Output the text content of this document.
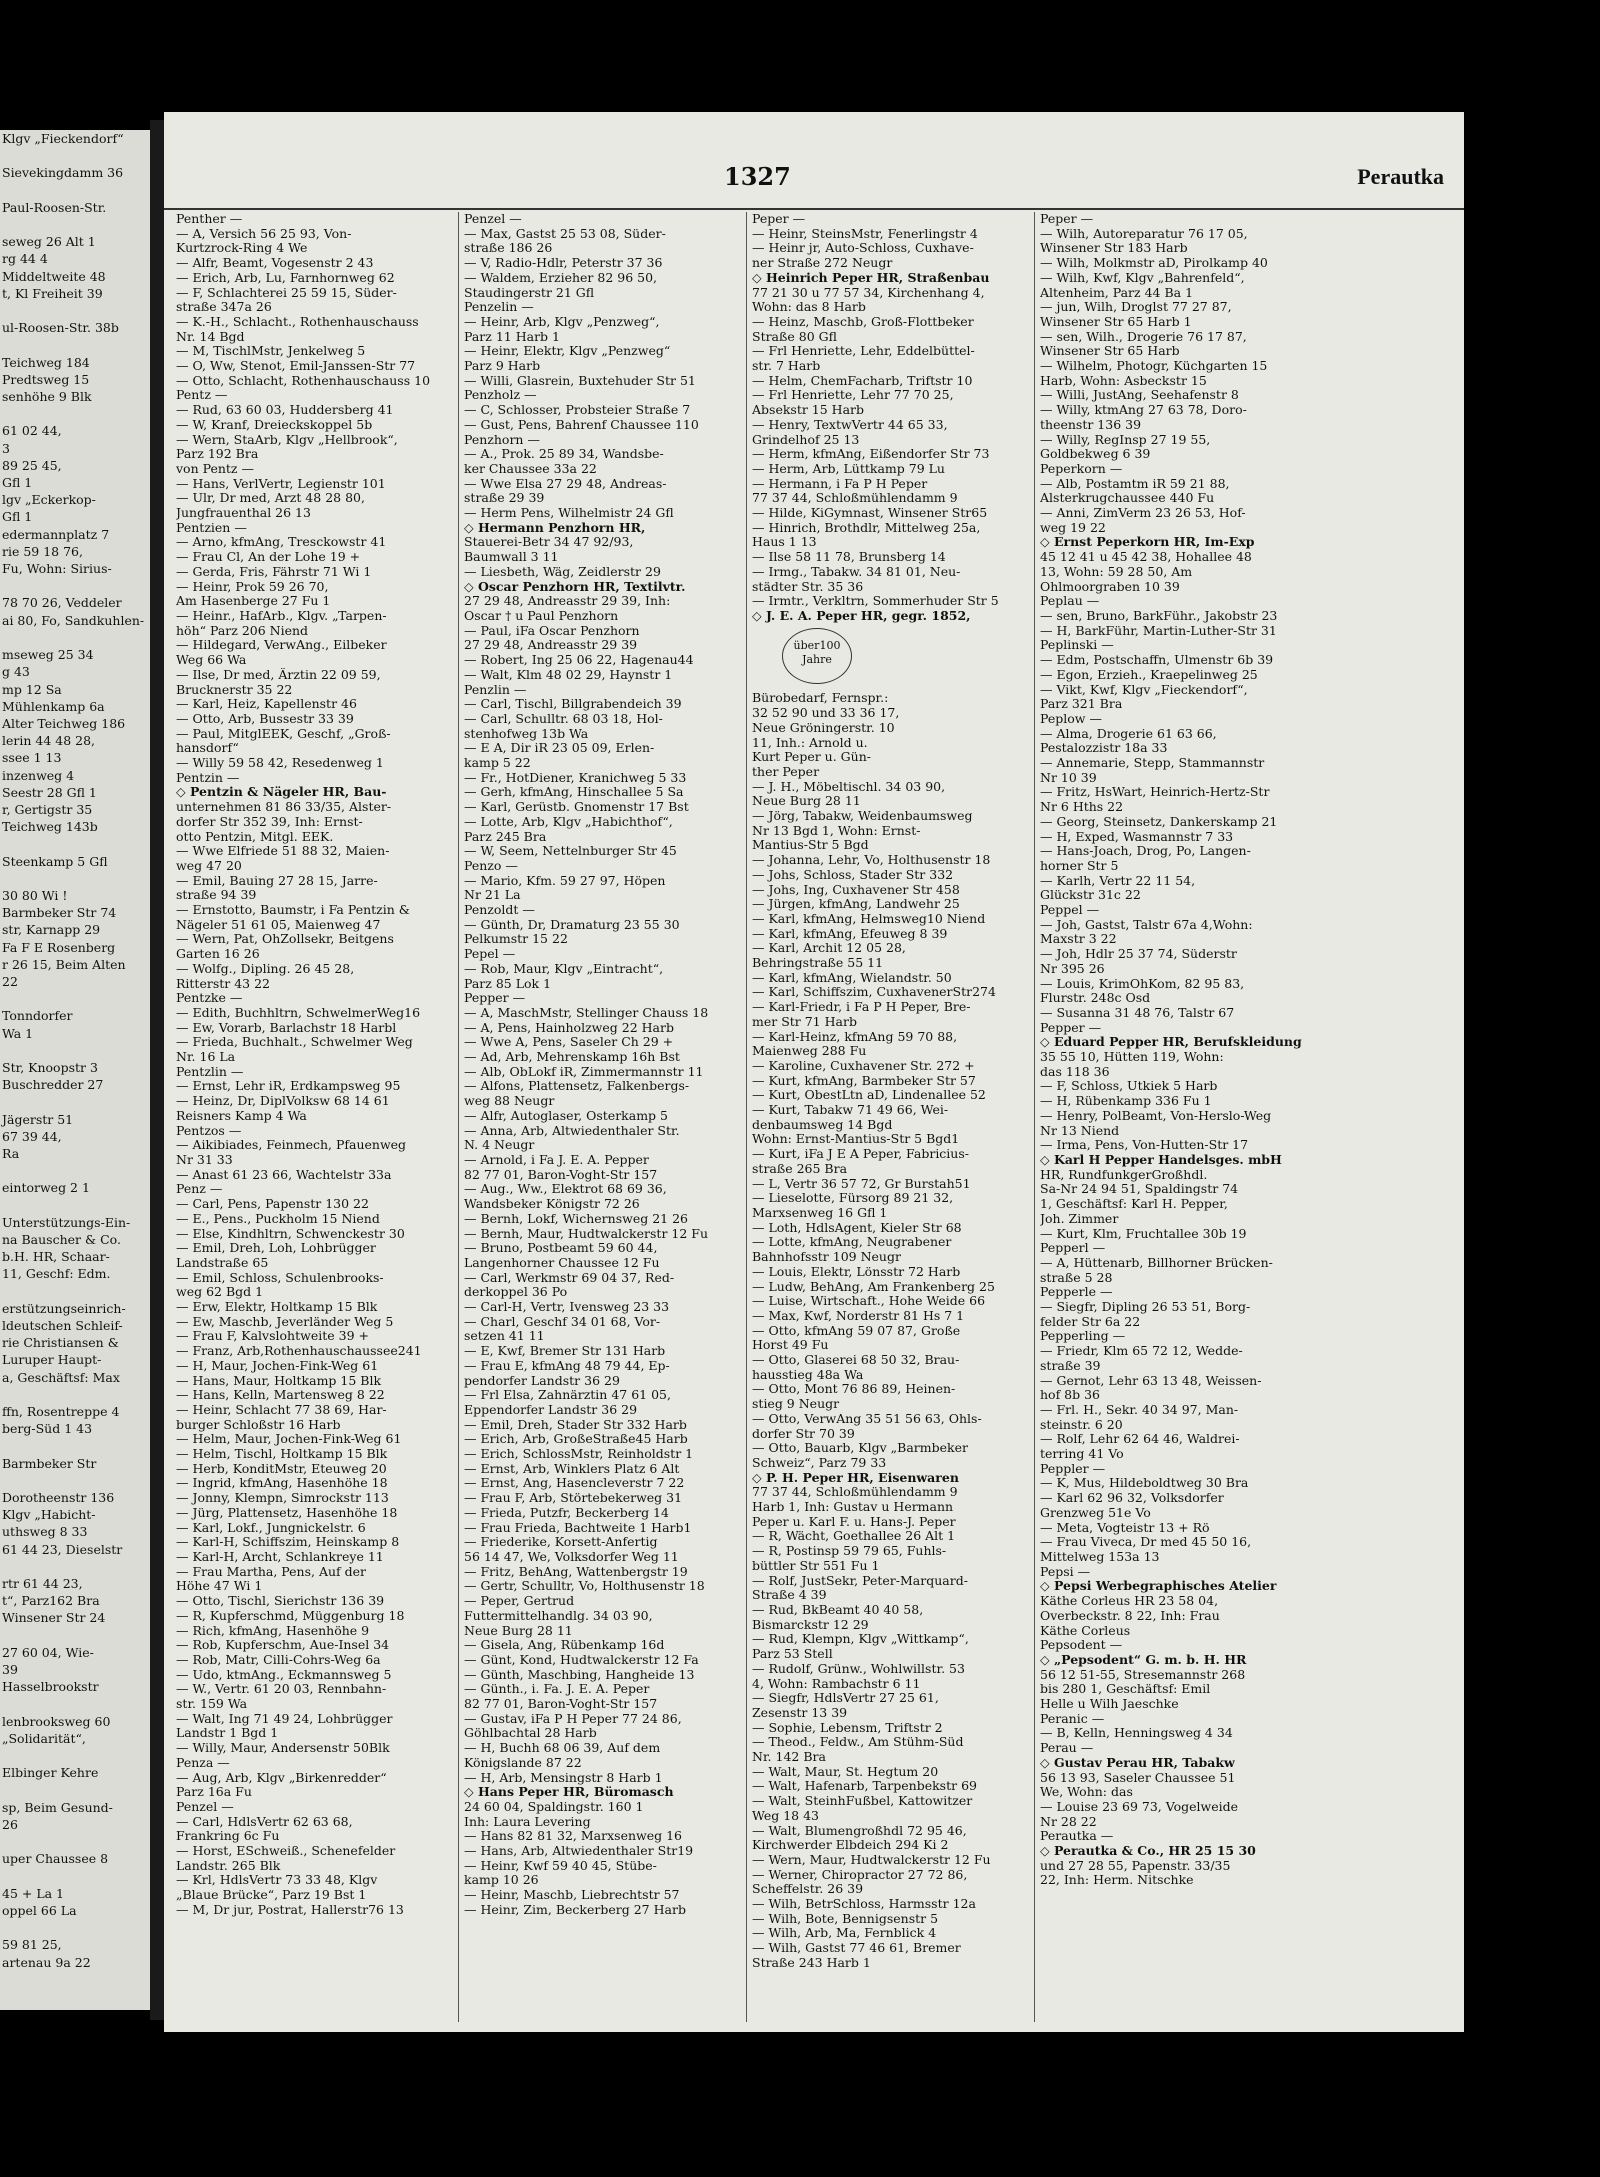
Klgv „Fieckendorf“

Sievekingdamm 36

Paul-Roosen-Str.

seweg 26 Alt 1
rg 44 4
Middeltweite 48
t, Kl Freiheit 39

ul-Roosen-Str. 38b

Teichweg 184
Predtsweg 15
senhöhe 9 Blk

61 02 44,
3
89 25 45,
Gfl 1
lgv „Eckerkop-
Gfl 1
edermannplatz 7
rie 59 18 76,
Fu, Wohn: Sirius-

78 70 26, Veddeler
ai 80, Fo, Sandkuhlen-

mseweg 25 34
g 43
mp 12 Sa
Mühlenkamp 6a
Alter Teichweg 186
lerin 44 48 28,
sseе 1 13
inzenweg 4
Seestr 28 Gfl 1
r, Gertigstr 35
Teichweg 143b

Steenkamp 5 Gfl

30 80 Wi !
Barmbeker Str 74
str, Karnapp 29
Fa F E Rosenberg
r 26 15, Beim Alten
22

Tonndorfer
Wa 1

Str, Knoopstr 3
Buschredder 27

Jägerstr 51
67 39 44,
Ra

eintorweg 2 1

Unterstützungs-Ein-
na Bauscher & Co.
b.H. HR, Schaar-
11, Geschf: Edm.

erstützungseinrich-
ldeutschen Schleif-
rie Christiansen &
Luruper Haupt-
a, Geschäftsf: Max

ffn, Rosentreppe 4
berg-Süd 1 43

Barmbeker Str

Dorotheenstr 136
Klgv „Habicht-
uthsweg 8 33
61 44 23, Dieselstr

rtr 61 44 23,
t“, Parz162 Bra
Winsener Str 24

27 60 04, Wie-
39
Hasselbrookstr

lenbrooksweg 60
„Solidarität“,

Elbinger Kehre

sp, Beim Gesund-
26

uper Chaussee 8

45 + La 1
oppel 66 La

59 81 25,
artenau 9a 22
1327	Perautka
Penther —
— A, Versich 56 25 93, Von-
Kurtzrock-Ring 4 We
— Alfr, Beamt, Vogesenstr 2 43
— Erich, Arb, Lu, Farnhornweg 62
— F, Schlachterei 25 59 15, Süder-
straße 347a 26
— K.-H., Schlacht., Rothenhauschauss
Nr. 14 Bgd
— M, TischlMstr, Jenkelweg 5
— O, Ww, Stenot, Emil-Janssen-Str 77
— Otto, Schlacht, Rothenhauschauss 10
Pentz —
— Rud, 63 60 03, Huddersberg 41
— W, Kranf, Dreieckskoppel 5b
— Wern, StaArb, Klgv „Hellbrook“,
Parz 192 Bra
von Pentz —
— Hans, VerlVertr, Legienstr 101
— Ulr, Dr med, Arzt 48 28 80,
Jungfrauenthal 26 13
Pentzien —
— Arno, kfmAng, Tresckowstr 41
— Frau Cl, An der Lohe 19 +
— Gerda, Fris, Fährstr 71 Wi 1
— Heinr, Prok 59 26 70,
Am Hasenberge 27 Fu 1
— Heinr., HafArb., Klgv. „Tarpen-
höh“ Parz 206 Niend
— Hildegard, VerwAng., Eilbeker
Weg 66 Wa
— Ilse, Dr med, Ärztin 22 09 59,
Brucknerstr 35 22
— Karl, Heiz, Kapellenstr 46
— Otto, Arb, Bussestr 33 39
— Paul, MitglEEK, Geschf, „Groß-
hansdorf“
— Willy 59 58 42, Resedenweg 1
Pentzin —
◇ Pentzin & Nägeler HR, Bau-
unternehmen 81 86 33/35, Alster-
dorfer Str 352 39, Inh: Ernst-
otto Pentzin, Mitgl. EEK.
— Wwe Elfriede 51 88 32, Maien-
weg 47 20
— Emil, Bauing 27 28 15, Jarre-
straße 94 39
— Ernstotto, Baumstr, i Fa Pentzin &
Nägeler 51 61 05, Maienweg 47
— Wern, Pat, OhZollsekr, Beitgens
Garten 16 26
— Wolfg., Dipling. 26 45 28,
Ritterstr 43 22
Pentzke —
— Edith, Buchhltrn, SchwelmerWeg16
— Ew, Vorarb, Barlachstr 18 Harbl
— Frieda, Buchhalt., Schwelmer Weg
Nr. 16 La
Pentzlin —
— Ernst, Lehr iR, Erdkampsweg 95
— Heinz, Dr, DiplVolksw 68 14 61
Reisners Kamp 4 Wa
Pentzos —
— Aikibiades, Feinmech, Pfauenweg
Nr 31 33
— Anast 61 23 66, Wachtelstr 33a
Penz —
— Carl, Pens, Papenstr 130 22
— E., Pens., Puckholm 15 Niend
— Else, Kindhltrn, Schwenckestr 30
— Emil, Dreh, Loh, Lohbrügger
Landstraße 65
— Emil, Schloss, Schulenbrooks-
weg 62 Bgd 1
— Erw, Elektr, Holtkamp 15 Blk
— Ew, Maschb, Jeverländer Weg 5
— Frau F, Kalvslohtweite 39 +
— Franz, Arb,Rothenhauschaussee241
— H, Maur, Jochen-Fink-Weg 61
— Hans, Maur, Holtkamp 15 Blk
— Hans, Kelln, Martensweg 8 22
— Heinr, Schlacht 77 38 69, Har-
burger Schloßstr 16 Harb
— Helm, Maur, Jochen-Fink-Weg 61
— Helm, Tischl, Holtkamp 15 Blk
— Herb, KonditMstr, Eteuweg 20
— Ingrid, kfmAng, Hasenhöhe 18
— Jonny, Klempn, Simrockstr 113
— Jürg, Plattensetz, Hasenhöhe 18
— Karl, Lokf., Jungnickelstr. 6
— Karl-H, Schiffszim, Heinskamp 8
— Karl-H, Archt, Schlankreye 11
— Frau Martha, Pens, Auf der
Höhe 47 Wi 1
— Otto, Tischl, Sierichstr 136 39
— R, Kupferschmd, Müggenburg 18
— Rich, kfmAng, Hasenhöhe 9
— Rob, Kupferschm, Aue-Insel 34
— Rob, Matr, Cilli-Cohrs-Weg 6a
— Udo, ktmAng., Eckmannsweg 5
— W., Vertr. 61 20 03, Rennbahn-
str. 159 Wa
— Walt, Ing 71 49 24, Lohbrügger
Landstr 1 Bgd 1
— Willy, Maur, Andersenstr 50Blk
Penza —
— Aug, Arb, Klgv „Birkenredder“
Parz 16a Fu
Penzel —
— Carl, HdlsVertr 62 63 68,
Frankring 6c Fu
— Horst, ESchweiß., Schenefelder
Landstr. 265 Blk
— Krl, HdlsVertr 73 33 48, Klgv
„Blaue Brücke“, Parz 19 Bst 1
— M, Dr jur, Postrat, Hallerstr76 13
Penzel —
— Max, Gastst 25 53 08, Süder-
straße 186 26
— V, Radio-Hdlr, Peterstr 37 36
— Waldem, Erzieher 82 96 50,
Staudingerstr 21 Gfl
Penzelin —
— Heinr, Arb, Klgv „Penzweg“,
Parz 11 Harb 1
— Heinr, Elektr, Klgv „Penzweg“
Parz 9 Harb
— Willi, Glasrein, Buxtehuder Str 51
Penzholz —
— C, Schlosser, Probsteier Straße 7
— Gust, Pens, Bahrenf Chaussee 110
Penzhorn —
— A., Prok. 25 89 34, Wandsbe-
ker Chaussee 33a 22
— Wwe Elsa 27 29 48, Andreas-
straße 29 39
— Herm Pens, Wilhelmistr 24 Gfl
◇ Hermann Penzhorn HR,
Stauerei-Betr 34 47 92/93,
Baumwall 3 11
— Liesbeth, Wäg, Zeidlerstr 29
◇ Oscar Penzhorn HR, Textilvtr.
27 29 48, Andreasstr 29 39, Inh:
Oscar † u Paul Penzhorn
— Paul, iFa Oscar Penzhorn
27 29 48, Andreasstr 29 39
— Robert, Ing 25 06 22, Hagenau44
— Walt, Klm 48 02 29, Haynstr 1
Penzlin —
— Carl, Tischl, Billgrabendeich 39
— Carl, Schulltr. 68 03 18, Hol-
stenhofweg 13b Wa
— E A, Dir iR 23 05 09, Erlen-
kamp 5 22
— Fr., HotDiener, Kranichweg 5 33
— Gerh, kfmAng, Hinschallee 5 Sa
— Karl, Gerüstb. Gnomenstr 17 Bst
— Lotte, Arb, Klgv „Habichthof“,
Parz 245 Bra
— W, Seem, Nettelnburger Str 45
Penzo —
— Mario, Kfm. 59 27 97, Höpen
Nr 21 La
Penzoldt —
— Günth, Dr, Dramaturg 23 55 30
Pelkumstr 15 22
Pepel —
— Rob, Maur, Klgv „Eintracht“,
Parz 85 Lok 1
Pepper —
— A, MaschMstr, Stellinger Chauss 18
— A, Pens, Hainholzweg 22 Harb
— Wwe A, Pens, Saseler Ch 29 +
— Ad, Arb, Mehrenskamp 16h Bst
— Alb, ObLokf iR, Zimmermannstr 11
— Alfons, Plattensetz, Falkenbergs-
weg 88 Neugr
— Alfr, Autoglaser, Osterkamp 5
— Anna, Arb, Altwiedenthaler Str.
N. 4 Neugr
— Arnold, i Fa J. E. A. Pepper
82 77 01, Baron-Voght-Str 157
— Aug., Ww., Elektrot 68 69 36,
Wandsbeker Königstr 72 26
— Bernh, Lokf, Wichernsweg 21 26
— Bernh, Maur, Hudtwalckerstr 12 Fu
— Bruno, Postbeamt 59 60 44,
Langenhorner Chaussee 12 Fu
— Carl, Werkmstr 69 04 37, Red-
derkoppel 36 Po
— Carl-H, Vertr, Ivensweg 23 33
— Charl, Geschf 34 01 68, Vor-
setzen 41 11
— E, Kwf, Bremer Str 131 Harb
— Frau E, kfmAng 48 79 44, Ep-
pendorfer Landstr 36 29
— Frl Elsa, Zahnärztin 47 61 05,
Eppendorfer Landstr 36 29
— Emil, Dreh, Stader Str 332 Harb
— Erich, Arb, GroßeStraße45 Harb
— Erich, SchlossMstr, Reinholdstr 1
— Ernst, Arb, Winklers Platz 6 Alt
— Ernst, Ang, Hasencleverstr 7 22
— Frau F, Arb, Störtebekerweg 31
— Frieda, Putzfr, Beckerberg 14
— Frau Frieda, Bachtweite 1 Harb1
— Friederike, Korsett-Anfertig
56 14 47, We, Volksdorfer Weg 11
— Fritz, BehAng, Wattenbergstr 19
— Gertr, Schulltr, Vo, Holthusenstr 18
— Peper, Gertrud
Futtermittelhandlg. 34 03 90,
Neue Burg 28 11
— Gisela, Ang, Rübenkamp 16d
— Günt, Kond, Hudtwalckerstr 12 Fa
— Günth, Maschbing, Hangheide 13
— Günth., i. Fa. J. E. A. Peper
82 77 01, Baron-Voght-Str 157
— Gustav, iFa P H Peper 77 24 86,
Göhlbachtal 28 Harb
— H, Buchh 68 06 39, Auf dem
Königslande 87 22
— H, Arb, Mensingstr 8 Harb 1
◇ Hans Peper HR, Büromasch
24 60 04, Spaldingstr. 160 1
Inh: Laura Levering
— Hans 82 81 32, Marxsenweg 16
— Hans, Arb, Altwiedenthaler Str19
— Heinr, Kwf 59 40 45, Stübe-
kamp 10 26
— Heinr, Maschb, Liebrechtstr 57
— Heinr, Zim, Beckerberg 27 Harb
Peper —
— Heinr, SteinsMstr, Fenerlingstr 4
— Heinr jr, Auto-Schloss, Cuxhave-
ner Straße 272 Neugr
◇ Heinrich Peper HR, Straßenbau
77 21 30 u 77 57 34, Kirchenhang 4,
Wohn: das 8 Harb
— Heinz, Maschb, Groß-Flottbeker
Straße 80 Gfl
— Frl Henriette, Lehr, Eddelbüttel-
str. 7 Harb
— Helm, ChemFacharb, Triftstr 10
— Frl Henriette, Lehr 77 70 25,
Absekstr 15 Harb
— Henry, TextwVertr 44 65 33,
Grindelhof 25 13
— Herm, kfmAng, Eißendorfer Str 73
— Herm, Arb, Lüttkamp 79 Lu
— Hermann, i Fa P H Peper
77 37 44, Schloßmühlendamm 9
— Hilde, KiGymnast, Winsener Str65
— Hinrich, Brothdlr, Mittelweg 25a,
Haus 1 13
— Ilse 58 11 78, Brunsberg 14
— Irmg., Tabakw. 34 81 01, Neu-
städter Str. 35 36
— Irmtr., Verkltrn, Sommerhuder Str 5
◇ J. E. A. Peper HR, gegr. 1852,
über100
Jahre
Bürobedarf, Fernspr.:
32 52 90 und 33 36 17,
Neue Gröningerstr. 10
11, Inh.: Arnold u.
Kurt Peper u. Gün-
ther Peper
— J. H., Möbeltischl. 34 03 90,
Neue Burg 28 11
— Jörg, Tabakw, Weidenbaumsweg
Nr 13 Bgd 1, Wohn: Ernst-
Mantius-Str 5 Bgd
— Johanna, Lehr, Vo, Holthusenstr 18
— Johs, Schloss, Stader Str 332
— Johs, Ing, Cuxhavener Str 458
— Jürgen, kfmAng, Landwehr 25
— Karl, kfmAng, Helmsweg10 Niend
— Karl, kfmAng, Efeuweg 8 39
— Karl, Archit 12 05 28,
Behringstraße 55 11
— Karl, kfmAng, Wielandstr. 50
— Karl, Schiffszim, CuxhavenerStr274
— Karl-Friedr, i Fa P H Peper, Bre-
mer Str 71 Harb
— Karl-Heinz, kfmAng 59 70 88,
Maienweg 288 Fu
— Karoline, Cuxhavener Str. 272 +
— Kurt, kfmAng, Barmbeker Str 57
— Kurt, ObestLtn aD, Lindenallee 52
— Kurt, Tabakw 71 49 66, Wei-
denbaumsweg 14 Bgd
Wohn: Ernst-Mantius-Str 5 Bgd1
— Kurt, iFa J E A Peper, Fabricius-
straße 265 Bra
— L, Vertr 36 57 72, Gr Burstah51
— Lieselotte, Fürsorg 89 21 32,
Marxsenweg 16 Gfl 1
— Loth, HdlsAgent, Kieler Str 68
— Lotte, kfmAng, Neugrabener
Bahnhofsstr 109 Neugr
— Louis, Elektr, Lönsstr 72 Harb
— Ludw, BehAng, Am Frankenberg 25
— Luise, Wirtschaft., Hohe Weide 66
— Max, Kwf, Norderstr 81 Hs 7 1
— Otto, kfmAng 59 07 87, Große
Horst 49 Fu
— Otto, Glaserei 68 50 32, Brau-
hausstieg 48a Wa
— Otto, Mont 76 86 89, Heinen-
stieg 9 Neugr
— Otto, VerwAng 35 51 56 63, Ohls-
dorfer Str 70 39
— Otto, Bauarb, Klgv „Barmbeker
Schweiz“, Parz 79 33
◇ P. H. Peper HR, Eisenwaren
77 37 44, Schloßmühlendamm 9
Harb 1, Inh: Gustav u Hermann
Peper u. Karl F. u. Hans-J. Peper
— R, Wächt, Goethallee 26 Alt 1
— R, Postinsp 59 79 65, Fuhls-
büttler Str 551 Fu 1
— Rolf, JustSekr, Peter-Marquard-
Straße 4 39
— Rud, BkBeamt 40 40 58,
Bismarckstr 12 29
— Rud, Klempn, Klgv „Wittkamp“,
Parz 53 Stell
— Rudolf, Grünw., Wohlwillstr. 53
4, Wohn: Rambachstr 6 11
— Siegfr, HdlsVertr 27 25 61,
Zesenstr 13 39
— Sophie, Lebensm, Triftstr 2
— Theod., Feldw., Am Stühm-Süd
Nr. 142 Bra
— Walt, Maur, St. Hegtum 20
— Walt, Hafenarb, Tarpenbekstr 69
— Walt, SteinhFußbel, Kattowitzer
Weg 18 43
— Walt, Blumengroßhdl 72 95 46,
Kirchwerder Elbdeich 294 Ki 2
— Wern, Maur, Hudtwalckerstr 12 Fu
— Werner, Chiropractor 27 72 86,
Scheffelstr. 26 39
— Wilh, BetrSchloss, Harmsstr 12a
— Wilh, Bote, Bennigsenstr 5
— Wilh, Arb, Ma, Fernblick 4
— Wilh, Gastst 77 46 61, Bremer
Straße 243 Harb 1
Peper —
— Wilh, Autoreparatur 76 17 05,
Winsener Str 183 Harb
— Wilh, Molkmstr aD, Pirolkamp 40
— Wilh, Kwf, Klgv „Bahrenfeld“,
Altenheim, Parz 44 Ba 1
— jun, Wilh, Droglst 77 27 87,
Winsener Str 65 Harb 1
— sen, Wilh., Drogerie 76 17 87,
Winsener Str 65 Harb
— Wilhelm, Photogr, Küchgarten 15
Harb, Wohn: Asbeckstr 15
— Willi, JustAng, Seehafenstr 8
— Willy, ktmAng 27 63 78, Doro-
theenstr 136 39
— Willy, RegInsp 27 19 55,
Goldbekweg 6 39
Peperkorn —
— Alb, Postamtm iR 59 21 88,
Alsterkrugchaussee 440 Fu
— Anni, ZimVerm 23 26 53, Hof-
weg 19 22
◇ Ernst Peperkorn HR, Im-Exp
45 12 41 u 45 42 38, Hohallee 48
13, Wohn: 59 28 50, Am
Ohlmoorgraben 10 39
Peplau —
— sen, Bruno, BarkFühr., Jakobstr 23
— H, BarkFühr, Martin-Luther-Str 31
Peplinski —
— Edm, Postschaffn, Ulmenstr 6b 39
— Egon, Erzieh., Kraepelinweg 25
— Vikt, Kwf, Klgv „Fieckendorf“,
Parz 321 Bra
Peplow —
— Alma, Drogerie 61 63 66,
Pestalozzistr 18a 33
— Annemarie, Stepp, Stammannstr
Nr 10 39
— Fritz, HsWart, Heinrich-Hertz-Str
Nr 6 Hths 22
— Georg, Steinsetz, Dankerskamp 21
— H, Exped, Wasmannstr 7 33
— Hans-Joach, Drog, Po, Langen-
horner Str 5
— Karlh, Vertr 22 11 54,
Glückstr 31c 22
Peppel —
— Joh, Gastst, Talstr 67a 4,Wohn:
Maxstr 3 22
— Joh, Hdlr 25 37 74, Süderstr
Nr 395 26
— Louis, KrimOhKom, 82 95 83,
Flurstr. 248c Osd
— Susanna 31 48 76, Talstr 67
Pepper —
◇ Eduard Pepper HR, Berufskleidung
35 55 10, Hütten 119, Wohn:
das 118 36
— F, Schloss, Utkiek 5 Harb
— H, Rübenkamp 336 Fu 1
— Henry, PolBeamt, Von-Herslo-Weg
Nr 13 Niend
— Irma, Pens, Von-Hutten-Str 17
◇ Karl H Pepper Handelsges. mbH
HR, RundfunkgerGroßhdl.
Sa-Nr 24 94 51, Spaldingstr 74
1, Geschäftsf: Karl H. Pepper,
Joh. Zimmer
— Kurt, Klm, Fruchtallee 30b 19
Pepperl —
— A, Hüttenarb, Billhorner Brücken-
straße 5 28
Pepperle —
— Siegfr, Dipling 26 53 51, Borg-
felder Str 6a 22
Pepperling —
— Friedr, Klm 65 72 12, Wedde-
straße 39
— Gernot, Lehr 63 13 48, Weissen-
hof 8b 36
— Frl. H., Sekr. 40 34 97, Man-
steinstr. 6 20
— Rolf, Lehr 62 64 46, Waldrei-
terring 41 Vo
Peppler —
— K, Mus, Hildeboldtweg 30 Bra
— Karl 62 96 32, Volksdorfer
Grenzweg 51e Vo
— Meta, Vogteistr 13 + Rö
— Frau Viveca, Dr med 45 50 16,
Mittelweg 153a 13
Pepsi —
◇ Pepsi Werbegraphisches Atelier
Käthe Corleus HR 23 58 04,
Overbeckstr. 8 22, Inh: Frau
Käthe Corleus
Pepsodent —
◇ „Pepsodent“ G. m. b. H. HR
56 12 51-55, Stresemannstr 268
bis 280 1, Geschäftsf: Emil
Helle u Wilh Jaeschke
Peranic —
— B, Kelln, Henningsweg 4 34
Perau —
◇ Gustav Perau HR, Tabakw
56 13 93, Saseler Chaussee 51
We, Wohn: das
— Louise 23 69 73, Vogelweide
Nr 28 22
Perautka —
◇ Perautka & Co., HR 25 15 30
und 27 28 55, Papenstr. 33/35
22, Inh: Herm. Nitschke
